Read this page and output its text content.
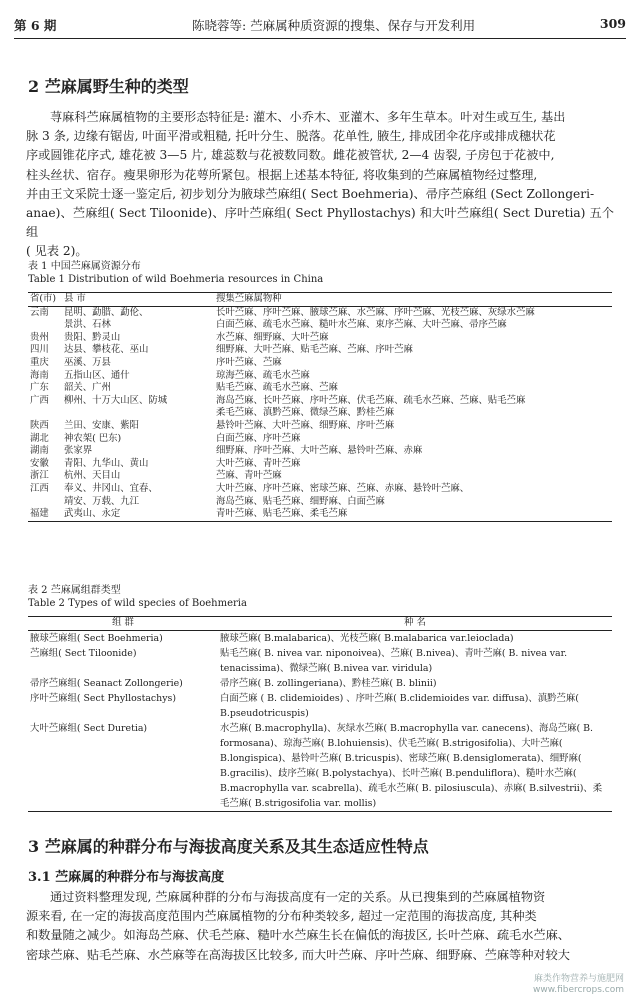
第 6 期	陈晓蓉等: 苎麻属种质资源的搜集、保存与开发利用	309
2 苎麻属野生种的类型
荨麻科苎麻属植物的主要形态特征是: 灌木、小乔木、亚灌木、多年生草本。叶对生或互生, 基出
脉 3 条, 边缘有锯齿, 叶面平滑或粗糙, 托叶分生、脱落。花单性, 腋生, 排成团伞花序或排成穗状花
序或圆锥花序式, 雄花被 3—5 片, 雄蕊数与花被数同数。雌花被管状, 2—4 齿裂, 子房包于花被中,
柱头丝状、宿存。瘦果卵形为花萼所紧包。根据上述基本特征, 将收集到的苎麻属植物经过整理,
并由王文采院士逐一鉴定后, 初步划分为腋球苎麻组( Sect Boehmeria)、帚序苎麻组 (Sect Zollongeri-
anae)、苎麻组( Sect Tiloonide)、序叶苎麻组( Sect Phyllostachys) 和大叶苎麻组( Sect Duretia) 五个组
( 见表 2)。
表 1 中国苎麻属资源分布
Table 1 Distribution of wild Boehmeria resources in China
省(市)	县 市	搜集苎麻属物种
云南	昆明、勐腊、勐伦、	长叶苎麻、序叶苎麻、腋球苎麻、水苎麻、序叶苎麻、光枝苎麻、灰绿水苎麻
	景洪、石林	白面苎麻、疏毛水苎麻、糙叶水苎麻、束序苎麻、大叶苎麻、帚序苎麻
贵州	贵阳、黔灵山	水苎麻、细野麻、大叶苎麻
四川	达县、攀枝花、巫山	细野麻、大叶苎麻、贴毛苎麻、苎麻、序叶苎麻
重庆	巫溪、万县	序叶苎麻、苎麻
海南	五指山区、通什	琼海苎麻、疏毛水苎麻
广东	韶关、广州	贴毛苎麻、疏毛水苎麻、苎麻
广西	柳州、十万大山区、防城	海岛苎麻、长叶苎麻、序叶苎麻、伏毛苎麻、疏毛水苎麻、苎麻、贴毛苎麻
		柔毛苎麻、滇黔苎麻、微绿苎麻、黔桂苎麻
陕西	兰田、安康、紫阳	悬铃叶苎麻、大叶苎麻、细野麻、序叶苎麻
湖北	神农架( 巴东)	白面苎麻、序叶苎麻
湖南	张家界	细野麻、序叶苎麻、大叶苎麻、悬铃叶苎麻、赤麻
安徽	青阳、九华山、黄山	大叶苎麻、青叶苎麻
浙江	杭州、天目山	苎麻、青叶苎麻
江西	奉义、井冈山、宜春、	大叶苎麻、序叶苎麻、密球苎麻、苎麻、赤麻、悬铃叶苎麻、
	靖安、万载、九江	海岛苎麻、贴毛苎麻、细野麻、白面苎麻
福建	武夷山、永定	青叶苎麻、贴毛苎麻、柔毛苎麻
表 2 苎麻属组群类型
Table 2 Types of wild species of Boehmeria
组 群	种 名
腋球苎麻组( Sect Boehmeria)	腋球苎麻( B.malabarica)、光枝苎麻( B.malabarica var.leioclada)
苎麻组( Sect Tiloonide)	贴毛苎麻( B. nivea var. niponoivea)、苎麻( B.nivea)、青叶苎麻( B. nivea var. tenacissima)、微绿苎麻( B.nivea var. viridula)
帚序苎麻组( Seanact Zollongerie)	帚序苎麻( B. zollingeriana)、黔桂苎麻( B. blinii)
序叶苎麻组( Sect Phyllostachys)	白面苎麻 ( B. clidemioides) 、序叶苎麻( B.clidemioides var. diffusa)、滇黔苎麻( B.pseudotricuspis)
大叶苎麻组( Sect Duretia)	水苎麻( B.macrophylla)、灰绿水苎麻( B.macrophylla var. canecens)、海岛苎麻( B. formosana)、琼海苎麻( B.lohuiensis)、伏毛苎麻( B.strigosifolia)、大叶苎麻( B.longispica)、悬铃叶苎麻( B.tricuspis)、密球苎麻( B.densiglomerata)、细野麻( B.gracilis)、歧序苎麻( B.polystachya)、长叶苎麻( B.penduliflora)、糙叶水苎麻( B.macrophylla var. scabrella)、疏毛水苎麻( B. pilosiuscula)、赤麻( B.silvestrii)、柔毛苎麻( B.strigosifolia var. mollis)
3 苎麻属的种群分布与海拔高度关系及其生态适应性特点
3.1 苎麻属的种群分布与海拔高度
通过资料整理发现, 苎麻属种群的分布与海拔高度有一定的关系。从已搜集到的苎麻属植物资
源来看, 在一定的海拔高度范围内苎麻属植物的分布种类较多, 超过一定范围的海拔高度, 其种类
和数量随之减少。如海岛苎麻、伏毛苎麻、糙叶水苎麻生长在偏低的海拔区, 长叶苎麻、疏毛水苎麻、
密球苎麻、贴毛苎麻、水苎麻等在高海拔区比较多, 而大叶苎麻、序叶苎麻、细野麻、苎麻等种对较大
麻类作物营养与施肥网
www.fibercrops.com
